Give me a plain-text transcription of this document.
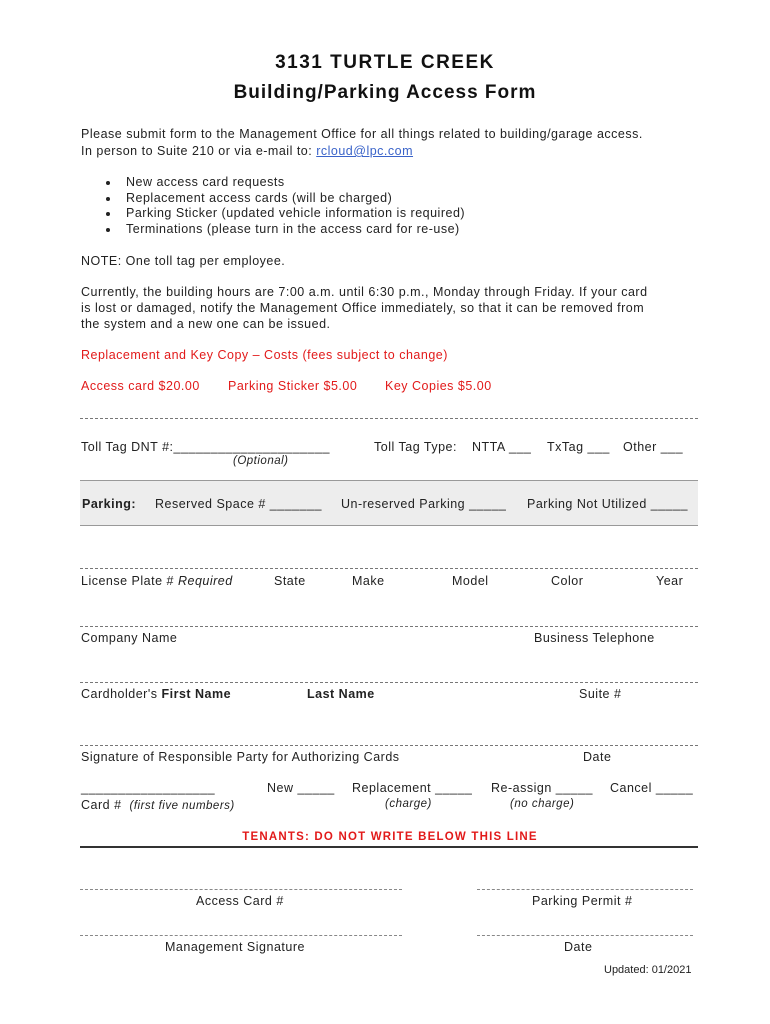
3131 TURTLE CREEK
Building/Parking Access Form
Please submit form to the Management Office for all things related to building/garage access.
In person to Suite 210 or via e-mail to: rcloud@lpc.com
• New access card requests
• Replacement access cards (will be charged)
• Parking Sticker (updated vehicle information is required)
• Terminations (please turn in the access card for re-use)
NOTE: One toll tag per employee.
Currently, the building hours are 7:00 a.m. until 6:30 p.m., Monday through Friday. If your card
is lost or damaged, notify the Management Office immediately, so that it can be removed from
the system and a new one can be issued.
Replacement and Key Copy – Costs (fees subject to change)
Access card $20.00 Parking Sticker $5.00 Key Copies $5.00
Toll Tag DNT #:_____________________
(Optional)
Toll Tag Type: NTTA ___ TxTag ___ Other ___
Parking: Reserved Space # _______ Un-reserved Parking _____ Parking Not Utilized _____
License Plate # Required	State	Make	Model	Color	Year
Company Name	Business Telephone
Cardholder's First Name	Last Name	Suite #
Signature of Responsible Party for Authorizing Cards	Date
__________________
Card # (first five numbers)
New _____ Replacement _____
(charge)
Re-assign _____
(no charge)
Cancel _____
TENANTS: DO NOT WRITE BELOW THIS LINE
Access Card #	Parking Permit #
Management Signature	Date
Updated: 01/2021
